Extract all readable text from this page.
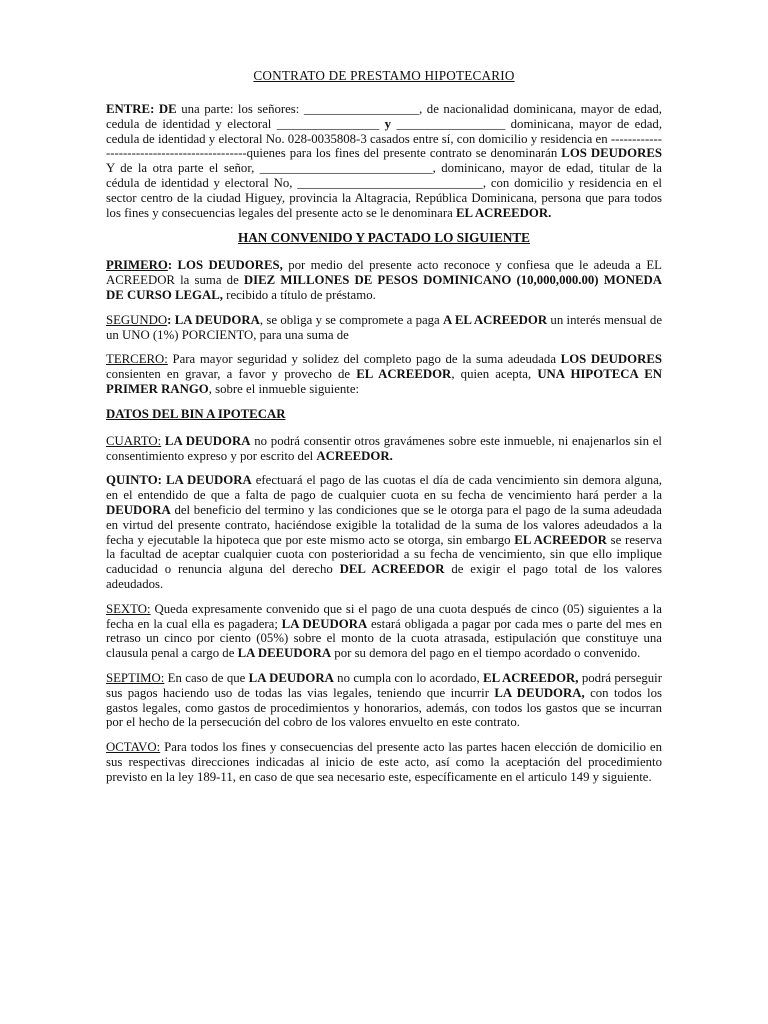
CONTRATO DE PRESTAMO HIPOTECARIO

ENTRE: DE una parte: los señores: __________________, de nacionalidad dominicana, mayor de edad, cedula de identidad y electoral ________________ y _________________ dominicana, mayor de edad, cedula de identidad y electoral No. 028-0035808-3 casados entre sí, con domicilio y residencia en ---------------------------------------------quienes para los fines del presente contrato se denominarán LOS DEUDORES Y de la otra parte el señor, ___________________________, dominicano, mayor de edad, titular de la cédula de identidad y electoral No, _____________________________, con domicilio y residencia en el sector centro de la ciudad Higuey, provincia la Altagracia, República Dominicana, persona que para todos los fines y consecuencias legales del presente acto se le denominara EL ACREEDOR.

HAN CONVENIDO Y PACTADO LO SIGUIENTE

PRIMERO: LOS DEUDORES, por medio del presente acto reconoce y confiesa que le adeuda a EL ACREEDOR la suma de DIEZ MILLONES DE PESOS DOMINICANO (10,000,000.00) MONEDA DE CURSO LEGAL, recibido a título de préstamo.

SEGUNDO: LA DEUDORA, se obliga y se compromete a paga A EL ACREEDOR un interés mensual de un UNO (1%) PORCIENTO, para una suma de

TERCERO: Para mayor seguridad y solidez del completo pago de la suma adeudada LOS DEUDORES consienten en gravar, a favor y provecho de EL ACREEDOR, quien acepta, UNA HIPOTECA EN PRIMER RANGO, sobre el inmueble siguiente:

DATOS DEL BIN A IPOTECAR

CUARTO: LA DEUDORA no podrá consentir otros gravámenes sobre este inmueble, ni enajenarlos sin el consentimiento expreso y por escrito del ACREEDOR.

QUINTO: LA DEUDORA efectuará el pago de las cuotas el día de cada vencimiento sin demora alguna, en el entendido de que a falta de pago de cualquier cuota en su fecha de vencimiento hará perder a la DEUDORA del beneficio del termino y las condiciones que se le otorga para el pago de la suma adeudada en virtud del presente contrato, haciéndose exigible la totalidad de la suma de los valores adeudados a la fecha y ejecutable la hipoteca que por este mismo acto se otorga, sin embargo EL ACREEDOR se reserva la facultad de aceptar cualquier cuota con posterioridad a su fecha de vencimiento, sin que ello implique caducidad o renuncia alguna del derecho DEL ACREEDOR de exigir el pago total de los valores adeudados.

SEXTO: Queda expresamente convenido que si el pago de una cuota después de cinco (05) siguientes a la fecha en la cual ella es pagadera; LA DEUDORA estará obligada a pagar por cada mes o parte del mes en retraso un cinco por ciento (05%) sobre el monto de la cuota atrasada, estipulación que constituye una clausula penal a cargo de LA DEEUDORA por su demora del pago en el tiempo acordado o convenido.

SEPTIMO: En caso de que LA DEUDORA no cumpla con lo acordado, EL ACREEDOR, podrá perseguir sus pagos haciendo uso de todas las vias legales, teniendo que incurrir LA DEUDORA, con todos los gastos legales, como gastos de procedimientos y honorarios, además, con todos los gastos que se incurran por el hecho de la persecución del cobro de los valores envuelto en este contrato.

OCTAVO: Para todos los fines y consecuencias del presente acto las partes hacen elección de domicilio en sus respectivas direcciones indicadas al inicio de este acto, así como la aceptación del procedimiento previsto en la ley 189-11, en caso de que sea necesario este, específicamente en el articulo 149 y siguiente.
